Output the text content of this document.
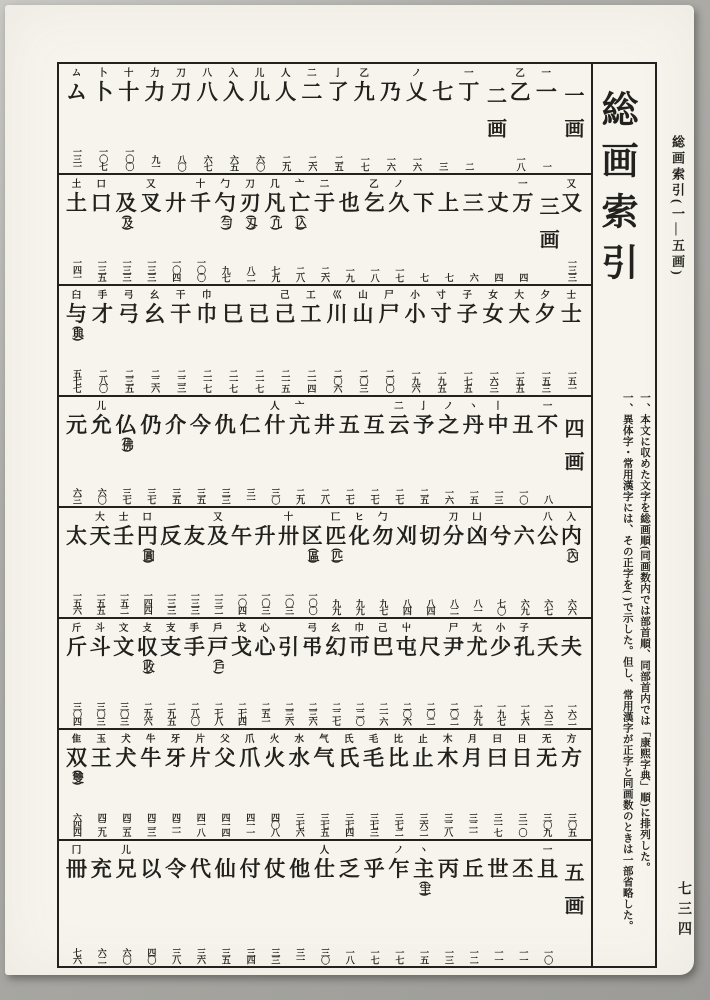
一画
一
一
一
乙
乙
一八
二画
一
丁
二

七
三
ノ
乂
一六

乃
一六
乙
九
一七
亅
了
二五
二
二
二六
人
人
二九
儿
儿
六〇
入
入
六五
八
八
六七
刀
刀
八〇
力
力
九一
十
十
一〇〇
卜
卜
一〇七
ム
ム
一三一
又
又
一三三
三画
一
万
四

丈
四

三
六

上
七

下
七
ノ
久
一七
乙
乞
一八

也
一九
二
于
二六
亠
亡
(兦)
二八
几
凡
(凢)
七九
刀
刃
(刄)
八二
勹
勺
(勻)
九七
十
千
一〇〇

廾
一〇四
又
叉
一三三

及
(及)
一三三
口
口
一三五
土
土
一四一
士
士
一五一
夕
夕
一五三
大
大
一五五
女
女
一六三
子
子
一七五
寸
寸
一九五
小
小
一九六
尸
尸
二〇〇
山
山
二〇三
巛
川
二〇六
工
工
二一四
己
己
二一五

已
二一七

巳
二一七
巾
巾
二一七
干
干
二二三
幺
幺
二二六
弓
弓
二三五
手
才
二八〇
臼
与
(與)
五七七
四画
一
不
八

丑
一〇
丨
中
一三
ヽ
丹
一五
ノ
之
一六
亅
予
二五
二
云
二七

互
二七

五
二七

井
二八
亠
亢
二九
人
什
三〇

仁
三一

仇
三三

今
三五

介
三五

仍
三七

仏
(佛)
三七
儿
允
六〇

元
六三
入
内
(內)
六六
八
公
六七

六
六九

兮
七〇
凵
凶
八一
刀
分
八二

切
八四

刈
八四
勹
勿
九七
ヒ
化
九九
匸
匹
(匹)
九九

区
(區)
一〇〇
十
卅
一〇三

升
一〇三

午
一〇四
又
及
一三二

友
一三三

反
一三三
口
円
(圓)
一四四
士
壬
一五二
大
天
一五五

太
一五六

夫
一六二

夭
一六三
子
孔
一七六
小
少
一九七
尢
尤
一九九
尸
尹
二〇二

尺
二〇二
屮
屯
二〇六
己
巴
二一六
巾
帀
二二〇
幺
幻
二二七
弓
弔
二三六

引
二三六
心
心
二五一
戈
戈
二七四
戶
戸
(戶)
二七八
手
手
二八〇
支
支
二九五
攴
収
(收)
二九六
文
文
三〇三
斗
斗
三〇三
斤
斤
三〇四
方
方
三〇五
无
无
三〇九
日
日
三一〇
曰
曰
三一七
月
月
三二一
木
木
三二八
止
止
三六二
比
比
三七二
毛
毛
三七三
氏
氏
三七四
气
气
三七五
水
水
三七六
火
火
四〇八
爪
爪
四一一
父
父
四一四
片
片
四一八
牙
牙
四二一
牛
牛
四二三
犬
犬
四二五
玉
王
四二九
隹
双
(雙)
六四四
五画
一
且
一〇

丕
一一

世
一一

丘
一二

丙
一三
ヽ
主
(宔)
一五
ノ
乍
一七

乎
一七

乏
一八
人
仕
三〇

他
三一

仗
三三

付
三四

仙
三五

代
三六

令
三八

以
四〇
儿
兄
六〇

充
六二
冂
冊
七六
総画索引

一、本文に収めた文字を総画順(同画数内では部首順、同部首内では「康熙字典」順)に排列した。

一、異体字・常用漢字には、その正字を( )で示した。但し、常用漢字が正字と同画数のときは一部省略した。

総画索引(一―五画)
七三四
